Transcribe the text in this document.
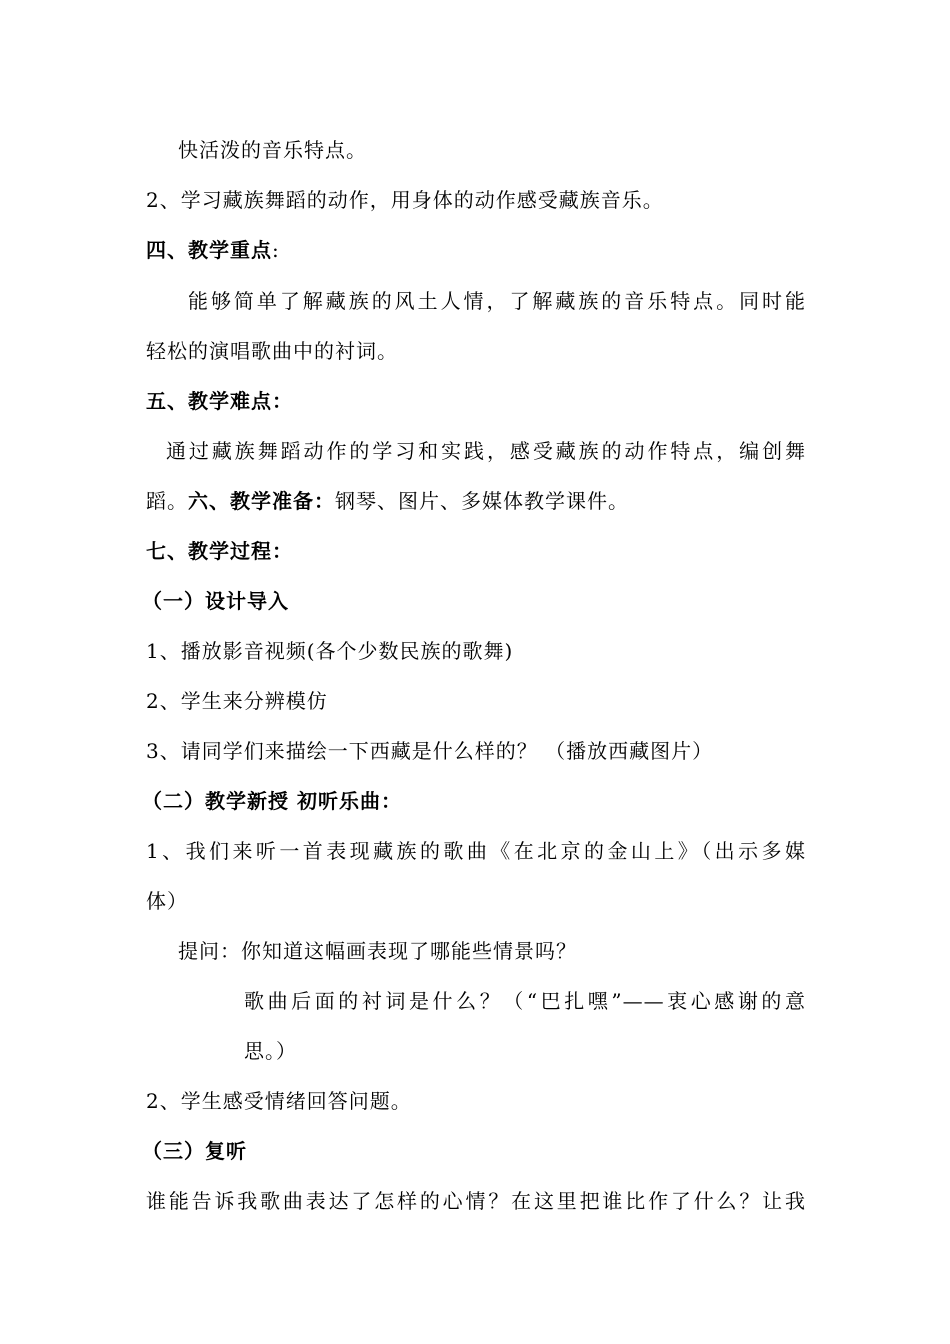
快活泼的音乐特点。
2、学习藏族舞蹈的动作，用身体的动作感受藏族音乐。
四、教学重点:
能够简单了解藏族的风土人情，了解藏族的音乐特点。同时能
轻松的演唱歌曲中的衬词。
五、教学难点：
通过藏族舞蹈动作的学习和实践，感受藏族的动作特点，编创舞
蹈。六、教学准备：钢琴、图片、多媒体教学课件。
七、教学过程：
（一）设计导入
1、播放影音视频(各个少数民族的歌舞)
2、学生来分辨模仿
3、请同学们来描绘一下西藏是什么样的？ （播放西藏图片）
（二）教学新授 初听乐曲：
1、我们来听一首表现藏族的歌曲《在北京的金山上》（出示多媒
体）
提问：你知道这幅画表现了哪能些情景吗？
歌曲后面的衬词是什么？（“巴扎嘿”——衷心感谢的意
思。）
2、学生感受情绪回答问题。
（三）复听
谁能告诉我歌曲表达了怎样的心情？在这里把谁比作了什么？让我
